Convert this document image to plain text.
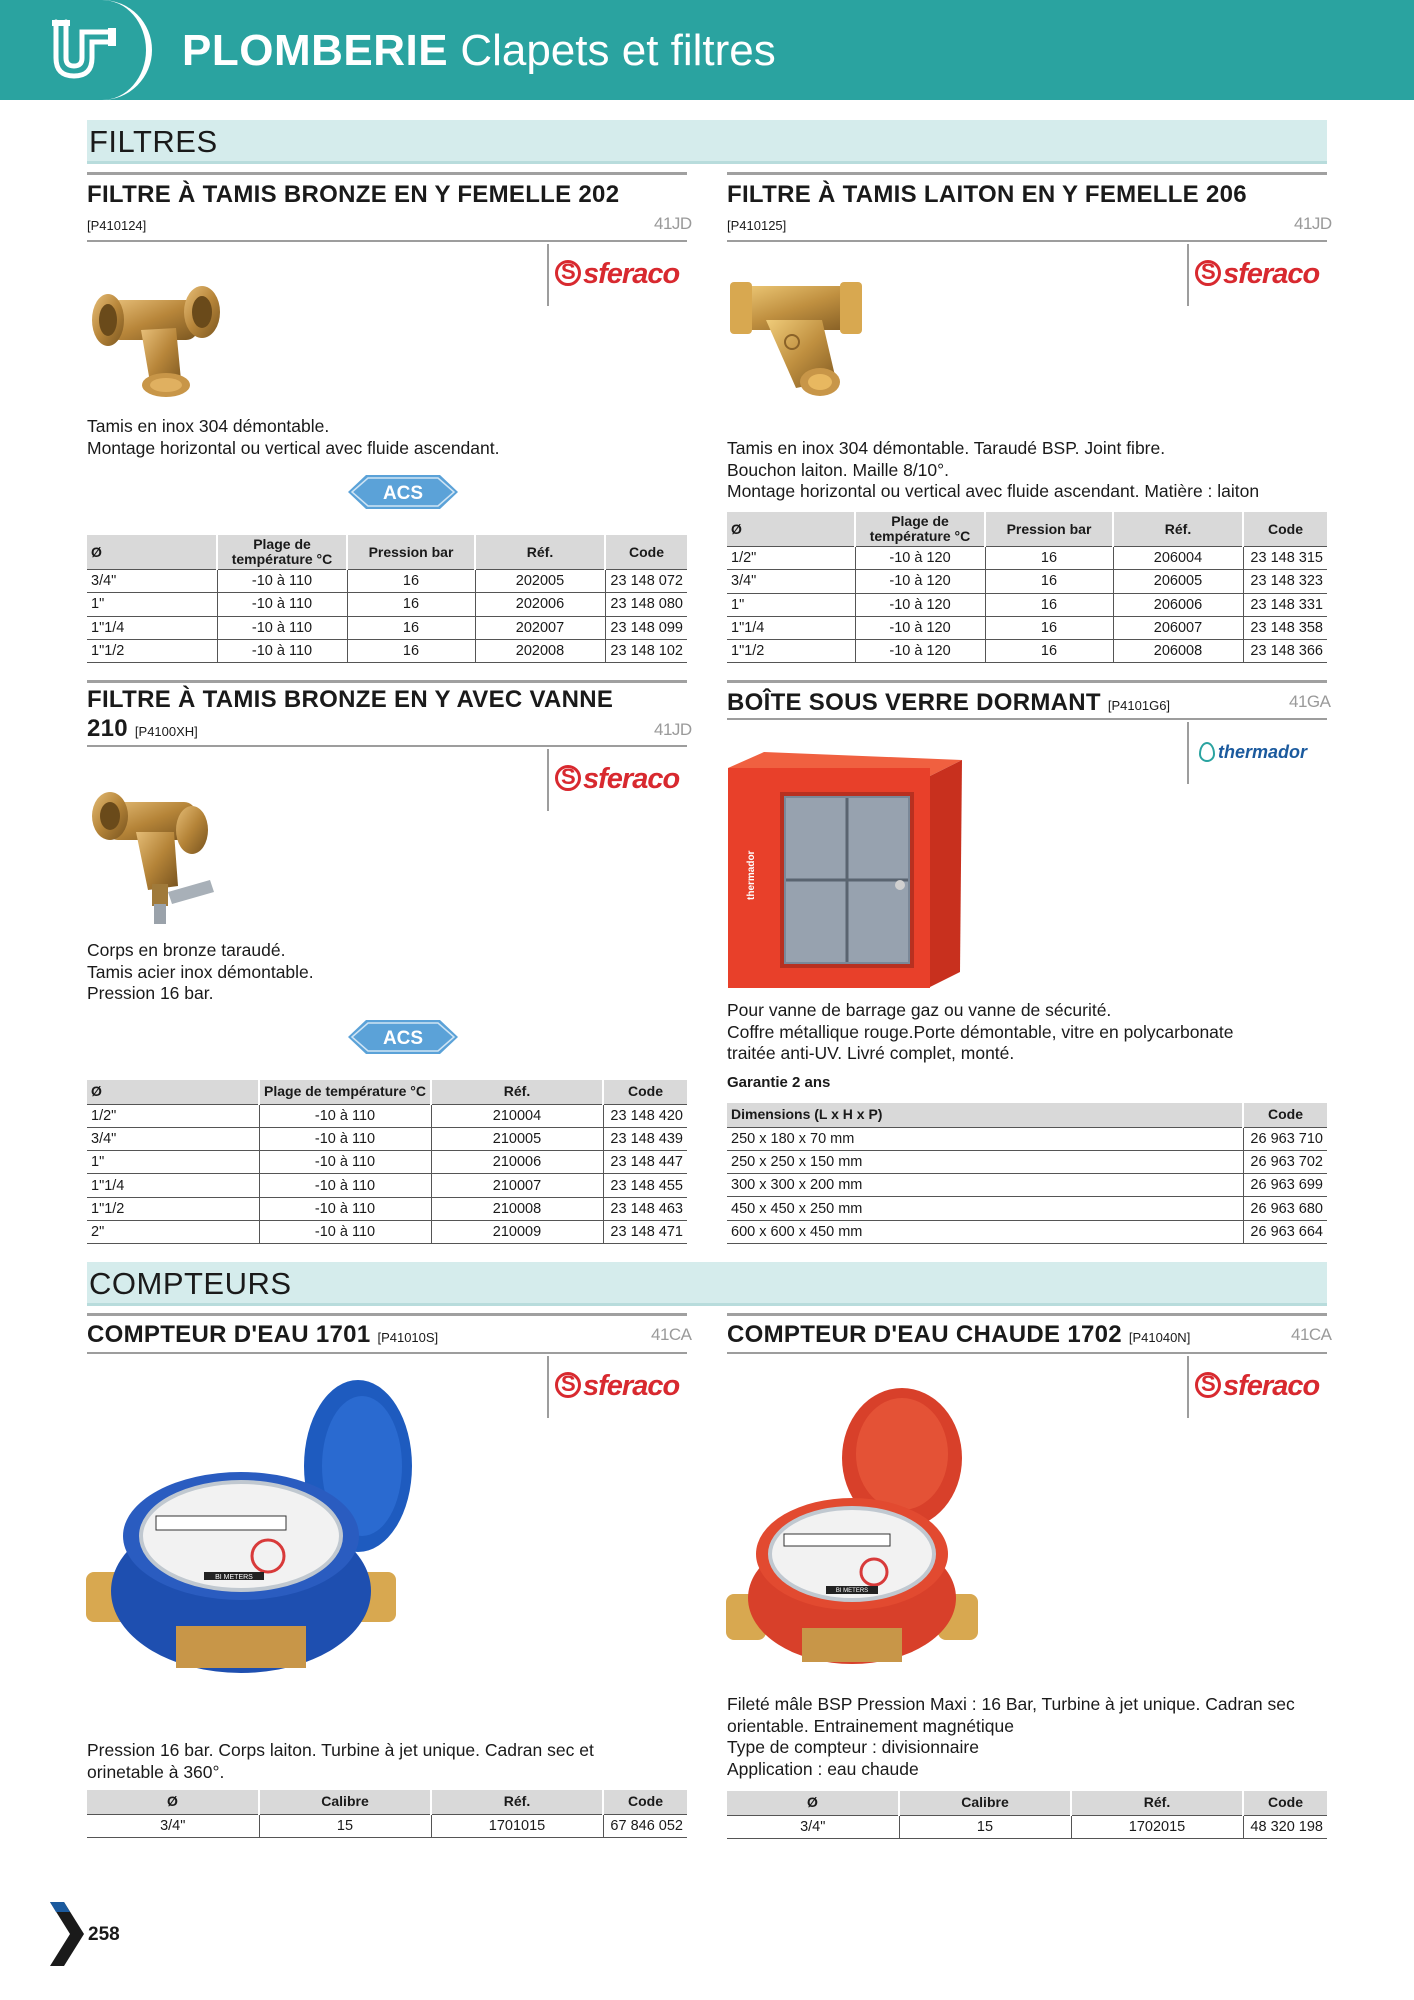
PLOMBERIE Clapets et filtres
FILTRES
FILTRE À TAMIS BRONZE EN Y FEMELLE 202
[P410124]	41JD
Ssferaco
Tamis en inox 304 démontable.
Montage horizontal ou vertical avec fluide ascendant.
ACS
Ø	Plage de température °C	Pression bar	Réf.	Code
3/4"	-10 à 110	16	202005	23 148 072
1"	-10 à 110	16	202006	23 148 080
1"1/4	-10 à 110	16	202007	23 148 099
1"1/2	-10 à 110	16	202008	23 148 102
FILTRE À TAMIS LAITON EN Y FEMELLE 206
[P410125]	41JD
Ssferaco
Tamis en inox 304 démontable. Taraudé BSP. Joint fibre.
Bouchon laiton. Maille 8/10°.
Montage horizontal ou vertical avec fluide ascendant. Matière : laiton
Ø	Plage de température °C	Pression bar	Réf.	Code
1/2"	-10 à 120	16	206004	23 148 315
3/4"	-10 à 120	16	206005	23 148 323
1"	-10 à 120	16	206006	23 148 331
1"1/4	-10 à 120	16	206007	23 148 358
1"1/2	-10 à 120	16	206008	23 148 366
FILTRE À TAMIS BRONZE EN Y AVEC VANNE
210 [P4100XH]	41JD
Ssferaco
Corps en bronze taraudé.
Tamis acier inox démontable.
Pression 16 bar.
ACS
Ø	Plage de température °C	Réf.	Code
1/2"	-10 à 110	210004	23 148 420
3/4"	-10 à 110	210005	23 148 439
1"	-10 à 110	210006	23 148 447
1"1/4	-10 à 110	210007	23 148 455
1"1/2	-10 à 110	210008	23 148 463
2"	-10 à 110	210009	23 148 471
BOÎTE SOUS VERRE DORMANT [P4101G6]	41GA
thermador
thermador
Pour vanne de barrage gaz ou vanne de sécurité.
Coffre métallique rouge.Porte démontable, vitre en polycarbonate
traitée anti-UV. Livré complet, monté.
Garantie 2 ans
Dimensions (L x H x P)	Code
250 x 180 x 70 mm	26 963 710
250 x 250 x 150 mm	26 963 702
300 x 300 x 200 mm	26 963 699
450 x 450 x 250 mm	26 963 680
600 x 600 x 450 mm	26 963 664
COMPTEURS
COMPTEUR D'EAU 1701 [P41010S]	41CA
Ssferaco
BI METERS
Pression 16 bar. Corps laiton. Turbine à jet unique. Cadran sec et
orinetable à 360°.
Ø	Calibre	Réf.	Code
3/4"	15	1701015	67 846 052
COMPTEUR D'EAU CHAUDE 1702 [P41040N]	41CA
Ssferaco
BI METERS
Fileté mâle BSP Pression Maxi : 16 Bar, Turbine à jet unique. Cadran sec
orientable. Entrainement magnétique
Type de compteur : divisionnaire
Application : eau chaude
Ø	Calibre	Réf.	Code
3/4"	15	1702015	48 320 198
258
